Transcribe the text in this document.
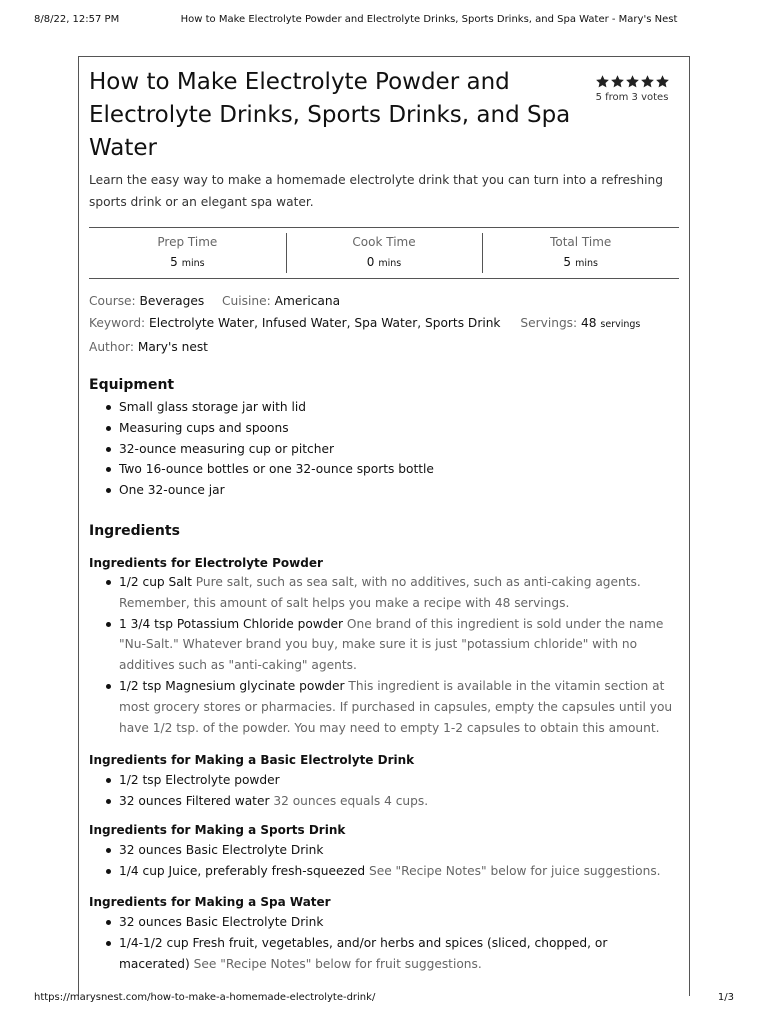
8/8/22, 12:57 PM	How to Make Electrolyte Powder and Electrolyte Drinks, Sports Drinks, and Spa Water - Mary's Nest
How to Make Electrolyte Powder and Electrolyte Drinks, Sports Drinks, and Spa Water
5 from 3 votes

Learn the easy way to make a homemade electrolyte drink that you can turn into a refreshing sports drink or an elegant spa water.

Prep Time
5 mins
Cook Time
0 mins
Total Time
5 mins
Course: Beverages Cuisine: Americana
Keyword: Electrolyte Water, Infused Water, Spa Water, Sports Drink Servings: 48 servings
Author: Mary's nest
Equipment
Small glass storage jar with lid
Measuring cups and spoons
32-ounce measuring cup or pitcher
Two 16-ounce bottles or one 32-ounce sports bottle
One 32-ounce jar
Ingredients
Ingredients for Electrolyte Powder
1/2 cup Salt Pure salt, such as sea salt, with no additives, such as anti-caking agents. Remember, this amount of salt helps you make a recipe with 48 servings.
1 3/4 tsp Potassium Chloride powder One brand of this ingredient is sold under the name "Nu-Salt." Whatever brand you buy, make sure it is just "potassium chloride" with no additives such as "anti-caking" agents.
1/2 tsp Magnesium glycinate powder This ingredient is available in the vitamin section at most grocery stores or pharmacies. If purchased in capsules, empty the capsules until you have 1/2 tsp. of the powder. You may need to empty 1-2 capsules to obtain this amount.
Ingredients for Making a Basic Electrolyte Drink
1/2 tsp Electrolyte powder
32 ounces Filtered water 32 ounces equals 4 cups.
Ingredients for Making a Sports Drink
32 ounces Basic Electrolyte Drink
1/4 cup Juice, preferably fresh-squeezed See "Recipe Notes" below for juice suggestions.
Ingredients for Making a Spa Water
32 ounces Basic Electrolyte Drink
1/4-1/2 cup Fresh fruit, vegetables, and/or herbs and spices (sliced, chopped, or macerated) See "Recipe Notes" below for fruit suggestions.
https://marysnest.com/how-to-make-a-homemade-electrolyte-drink/	1/3
